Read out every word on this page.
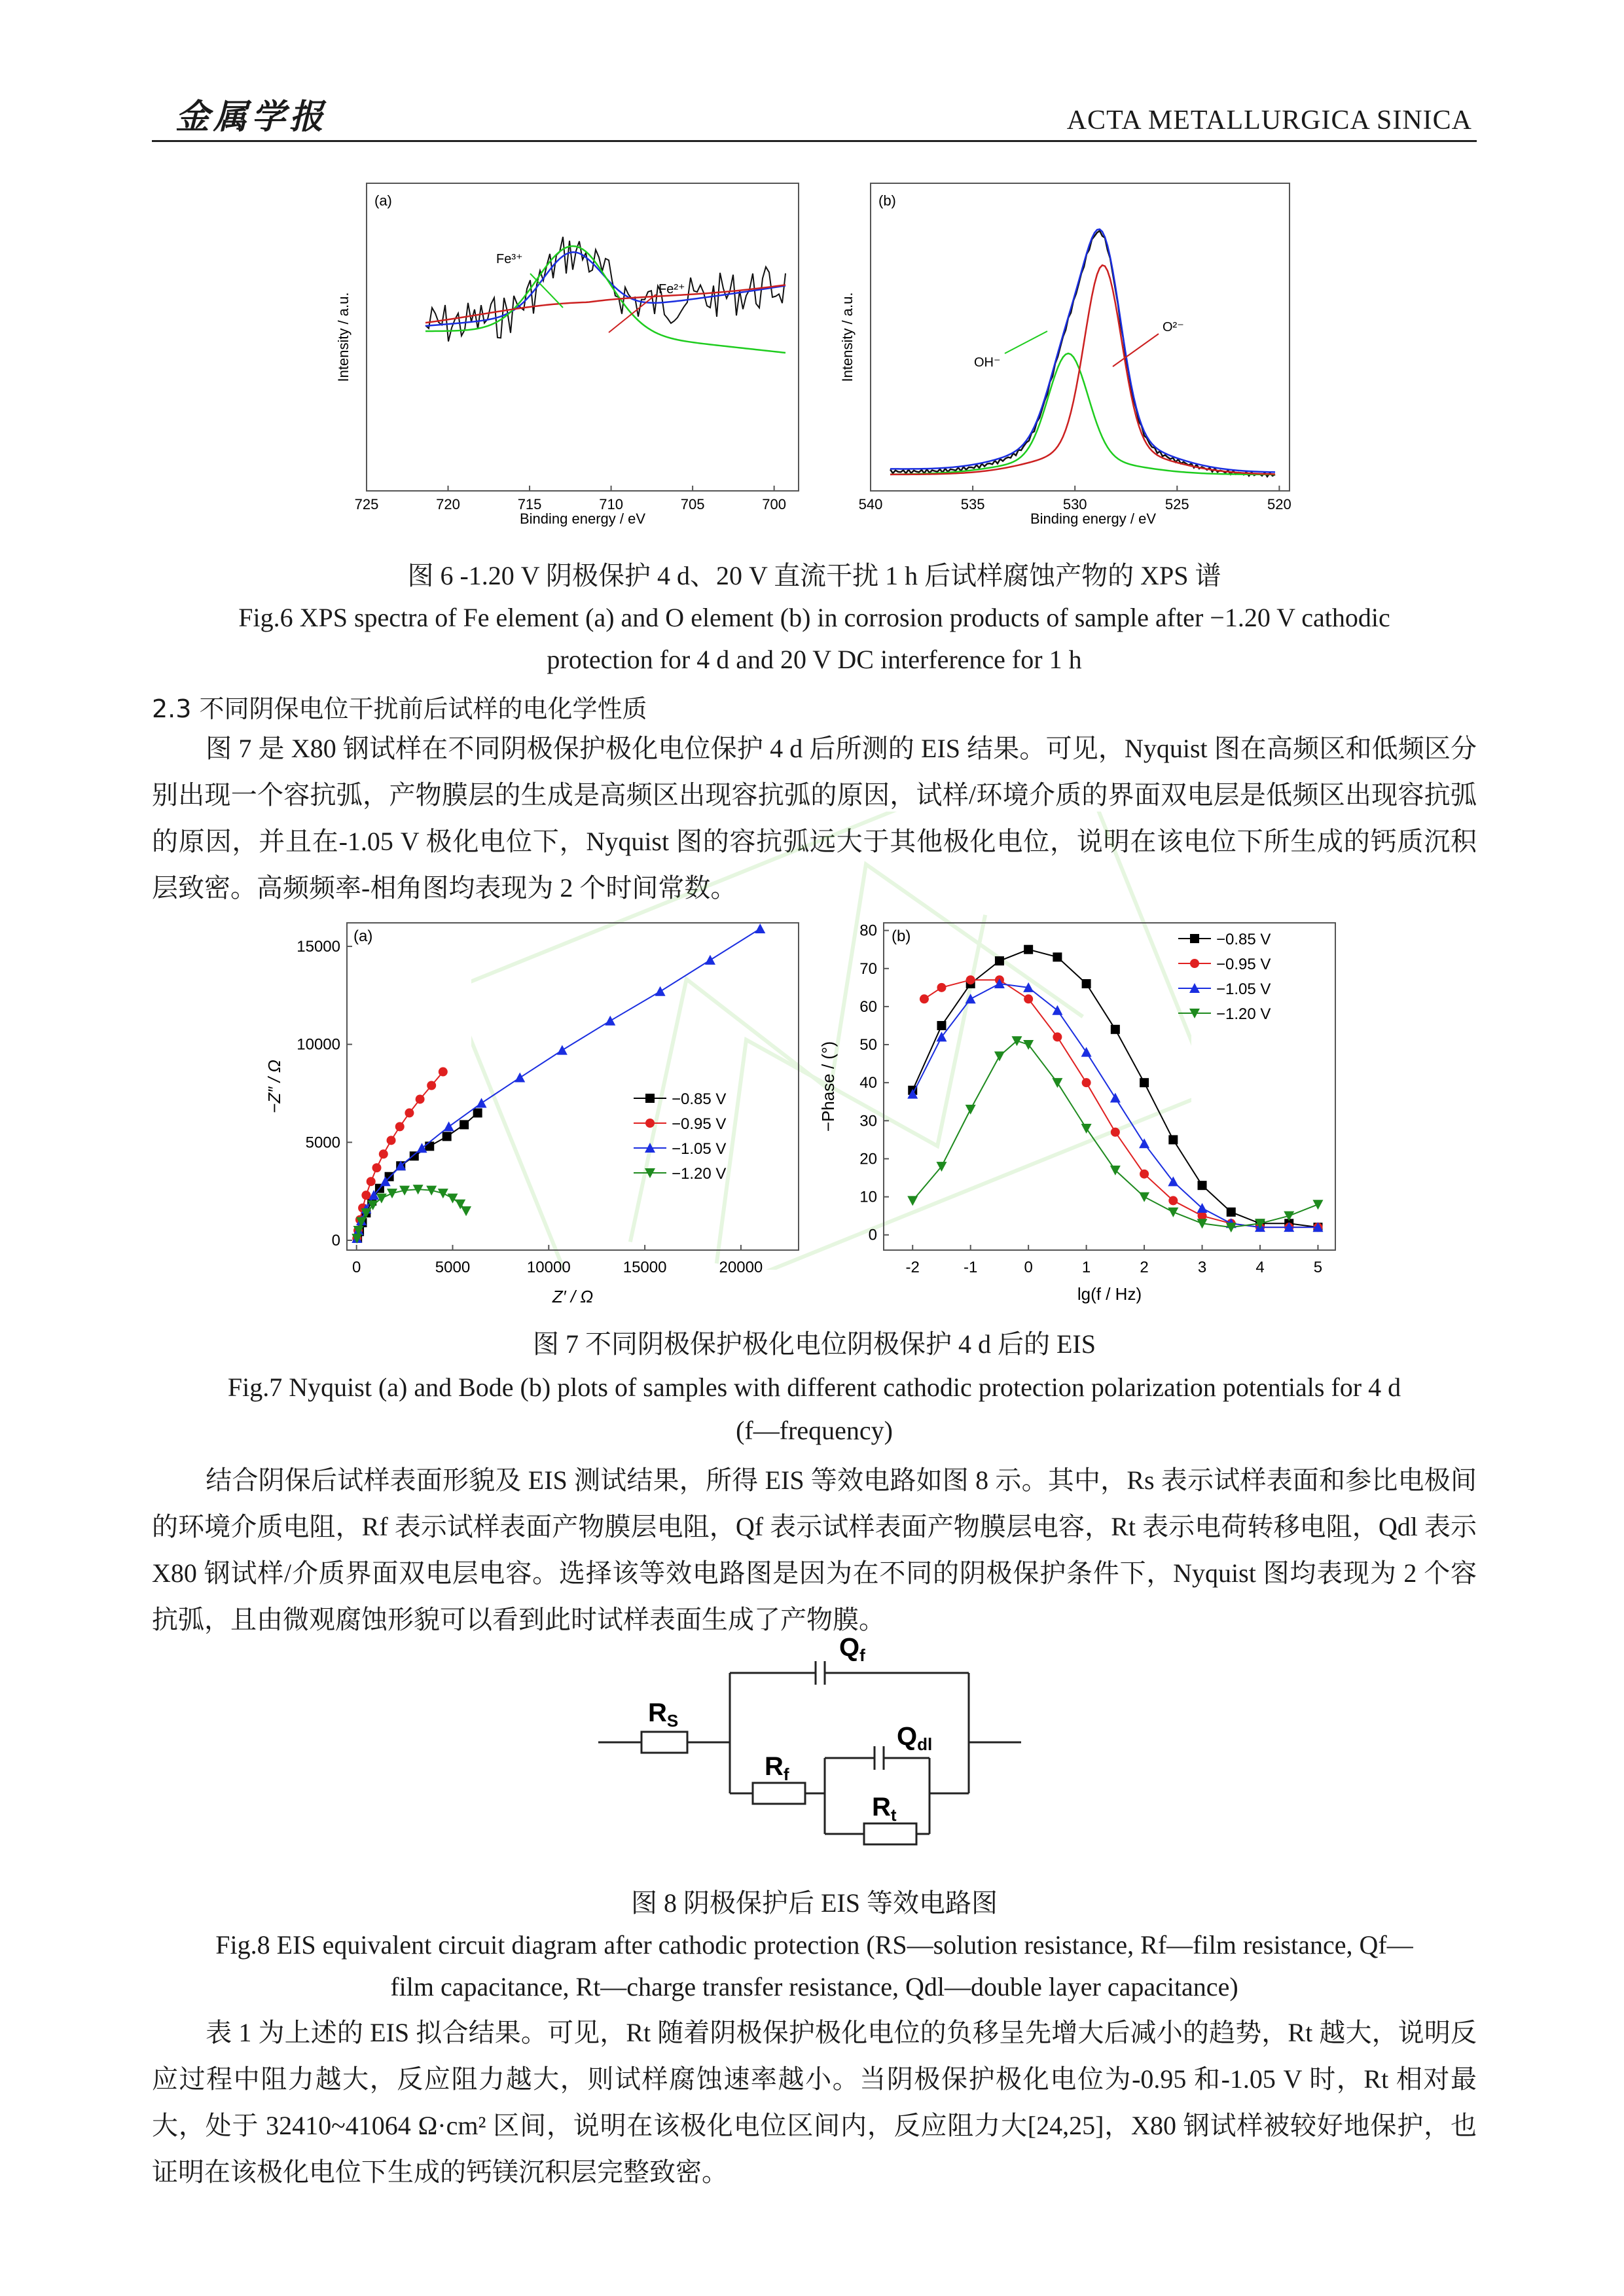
金属学报	ACTA METALLURGICA SINICA
(a)
725	720	715	710	705	700
Binding energy / eV
Intensity / a.u.
Fe³⁺
Fe²⁺
(b)
540	535	530	525	520
Binding energy / eV
Intensity / a.u.	OH⁻
O²⁻
图 6 -1.20 V 阴极保护 4 d、20 V 直流干扰 1 h 后试样腐蚀产物的 XPS 谱
Fig.6 XPS spectra of Fe element (a) and O element (b) in corrosion products of sample after −1.20 V cathodic
protection for 4 d and 20 V DC interference for 1 h
2.3 不同阴保电位干扰前后试样的电化学性质
图 7 是 X80 钢试样在不同阴极保护极化电位保护 4 d 后所测的 EIS 结果。可见，Nyquist 图在高频区和低频区分别出现一个容抗弧，产物膜层的生成是高频区出现容抗弧的原因，试样/环境介质的界面双电层是低频区出现容抗弧的原因，并且在-1.05 V 极化电位下，Nyquist 图的容抗弧远大于其他极化电位，说明在该电位下所生成的钙质沉积层致密。高频频率-相角图均表现为 2 个时间常数。
(a)
Z′ / Ω
−Z″ / Ω
0	5000	10000	15000	20000
0
5000
10000
15000
−0.85 V
−0.95 V
−1.05 V
−1.20 V
(b)
lg(f / Hz)
−Phase / (°)
-2	-1	0	1	2	3	4	5
0
10
20
30
40
50
60
70
80	−0.85 V
−0.95 V
−1.05 V
−1.20 V
图 7 不同阴极保护极化电位阴极保护 4 d 后的 EIS
Fig.7 Nyquist (a) and Bode (b) plots of samples with different cathodic protection polarization potentials for 4 d
(f—frequency)
结合阴保后试样表面形貌及 EIS 测试结果，所得 EIS 等效电路如图 8 示。其中，Rs 表示试样表面和参比电极间的环境介质电阻，Rf 表示试样表面产物膜层电阻，Qf 表示试样表面产物膜层电容，Rt 表示电荷转移电阻，Qdl 表示 X80 钢试样/介质界面双电层电容。选择该等效电路图是因为在不同的阴极保护条件下，Nyquist 图均表现为 2 个容抗弧，且由微观腐蚀形貌可以看到此时试样表面生成了产物膜。
$R_S$
$Q_f$
$R_f$
$Q_{dl}$
$R_t$
图 8 阴极保护后 EIS 等效电路图
Fig.8 EIS equivalent circuit diagram after cathodic protection (RS—solution resistance, Rf—film resistance, Qf—
film capacitance, Rt—charge transfer resistance, Qdl—double layer capacitance)
表 1 为上述的 EIS 拟合结果。可见，Rt 随着阴极保护极化电位的负移呈先增大后减小的趋势，Rt 越大，说明反应过程中阻力越大，反应阻力越大，则试样腐蚀速率越小。当阴极保护极化电位为-0.95 和-1.05 V 时，Rt 相对最大，处于 32410~41064 Ω·cm² 区间，说明在该极化电位区间内，反应阻力大[24,25]，X80 钢试样被较好地保护，也证明在该极化电位下生成的钙镁沉积层完整致密。
